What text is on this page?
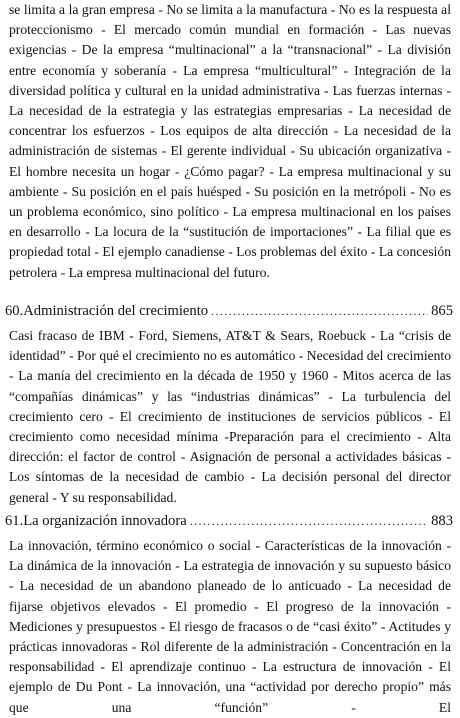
se limita a la gran empresa - No se limita a la manufactura - No es la respuesta al proteccionismo - El mercado común mundial en formación - Las nuevas exigencias - De la empresa “multinacional” a la “transnacional” - La división entre economía y soberanía - La empresa “multicultural” - Integración de la diversidad política y cultural en la unidad administrativa - Las fuerzas internas - La necesidad de la estrategia y las estrategias empresarias - La necesidad de concentrar los esfuerzos - Los equipos de alta dirección - La necesidad de la administración de sistemas - El gerente individual - Su ubicación organizativa - El hombre necesita un hogar - ¿Cómo pagar? - La empresa multinacional y su ambiente - Su posición en el país huésped - Su posición en la metrópoli - No es un problema económico, sino político - La empresa multinacional en los países en desarrollo - La locura de la “sustitución de importaciones” - La filial que es propiedad total - El ejemplo canadiense - Los problemas del éxito - La concesión petrolera - La empresa multinacional del futuro.

60. Administración del crecimiento .....	865

Casi fracaso de IBM - Ford, Siemens, AT&T & Sears, Roebuck - La “crisis de identidad” - Por qué el crecimiento no es automático - Necesidad del crecimiento - La manía del crecimiento en la década de 1950 y 1960 - Mitos acerca de las “compañías dinámicas” y las “industrias dinámicas” - La turbulencia del crecimiento cero - El crecimiento de instituciones de servicios públicos - El crecimiento como necesidad mínima -Preparación para el crecimiento - Alta dirección: el factor de control - Asignación de personal a actividades básicas - Los síntomas de la necesidad de cambio - La decisión personal del director general - Y su responsabilidad.

61. La organización innovadora .....	883

La innovación, término económico o social - Características de la innovación - La dinámica de la innovación - La estrategia de innovación y su supuesto básico - La necesidad de un abandono planeado de lo anticuado - La necesidad de fijarse objetivos elevados - El promedio - El progreso de la innovación - Mediciones y presupuestos - El riesgo de fracasos o de “casi éxito” - Actitudes y prácticas innovadoras - Rol diferente de la administración - Concentración en la responsabilidad - El aprendizaje continuo - La estructura de innovación - El ejemplo de Du Pont - La innovación, una “actividad por derecho propio” más que una “función” - El
